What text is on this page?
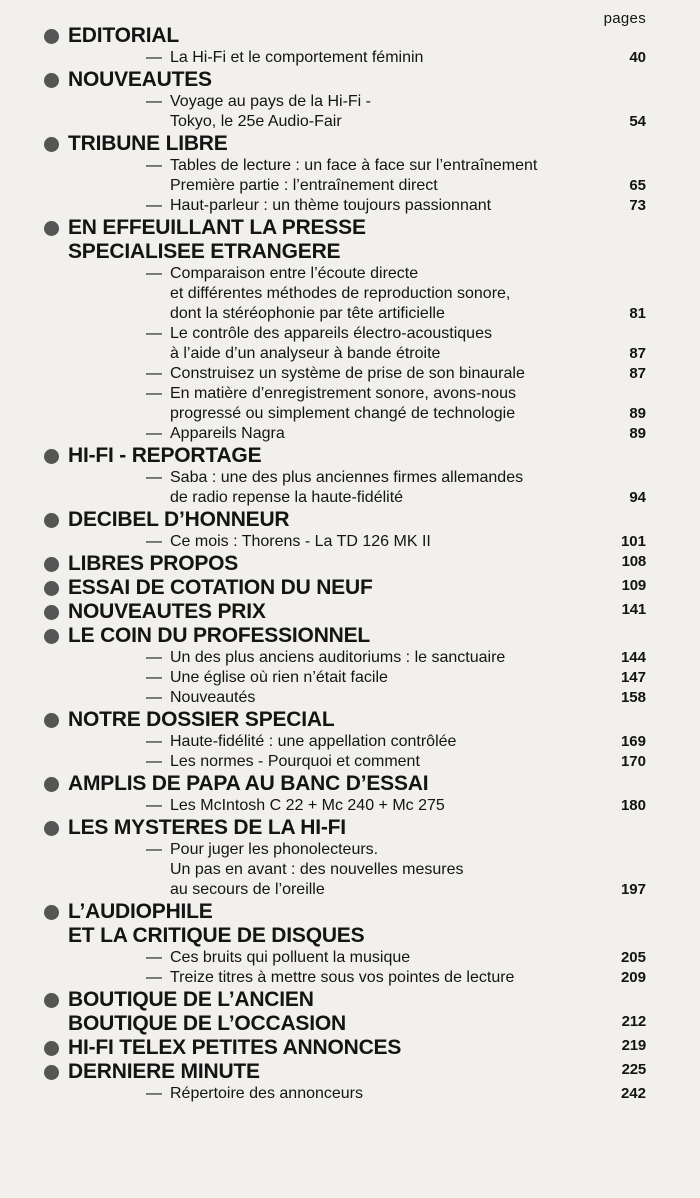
pages
EDITORIAL
— La Hi-Fi et le comportement féminin	40
NOUVEAUTES
— Voyage au pays de la Hi-Fi -
Tokyo, le 25e Audio-Fair	54
TRIBUNE LIBRE
— Tables de lecture : un face à face sur l’entraînement
Première partie : l’entraînement direct	65
— Haut-parleur : un thème toujours passionnant	73
EN EFFEUILLANT LA PRESSE
SPECIALISEE ETRANGERE
— Comparaison entre l’écoute directe
et différentes méthodes de reproduction sonore,
dont la stéréophonie par tête artificielle	81
— Le contrôle des appareils électro-acoustiques
à l’aide d’un analyseur à bande étroite	87
— Construisez un système de prise de son binaurale	87
— En matière d’enregistrement sonore, avons-nous
progressé ou simplement changé de technologie	89
— Appareils Nagra	89
HI-FI - REPORTAGE
— Saba : une des plus anciennes firmes allemandes
de radio repense la haute-fidélité	94
DECIBEL D’HONNEUR
— Ce mois : Thorens - La TD 126 MK II	101
LIBRES PROPOS	108
ESSAI DE COTATION DU NEUF	109
NOUVEAUTES PRIX	141
LE COIN DU PROFESSIONNEL
— Un des plus anciens auditoriums : le sanctuaire	144
— Une église où rien n’était facile	147
— Nouveautés	158
NOTRE DOSSIER SPECIAL
— Haute-fidélité : une appellation contrôlée	169
— Les normes - Pourquoi et comment	170
AMPLIS DE PAPA AU BANC D’ESSAI
— Les McIntosh C 22 + Mc 240 + Mc 275	180
LES MYSTERES DE LA HI-FI
— Pour juger les phonolecteurs.
Un pas en avant : des nouvelles mesures
au secours de l’oreille	197
L’AUDIOPHILE
ET LA CRITIQUE DE DISQUES
— Ces bruits qui polluent la musique	205
— Treize titres à mettre sous vos pointes de lecture	209
BOUTIQUE DE L’ANCIEN
BOUTIQUE DE L’OCCASION	212
HI-FI TELEX PETITES ANNONCES	219
DERNIERE MINUTE	225
— Répertoire des annonceurs	242
